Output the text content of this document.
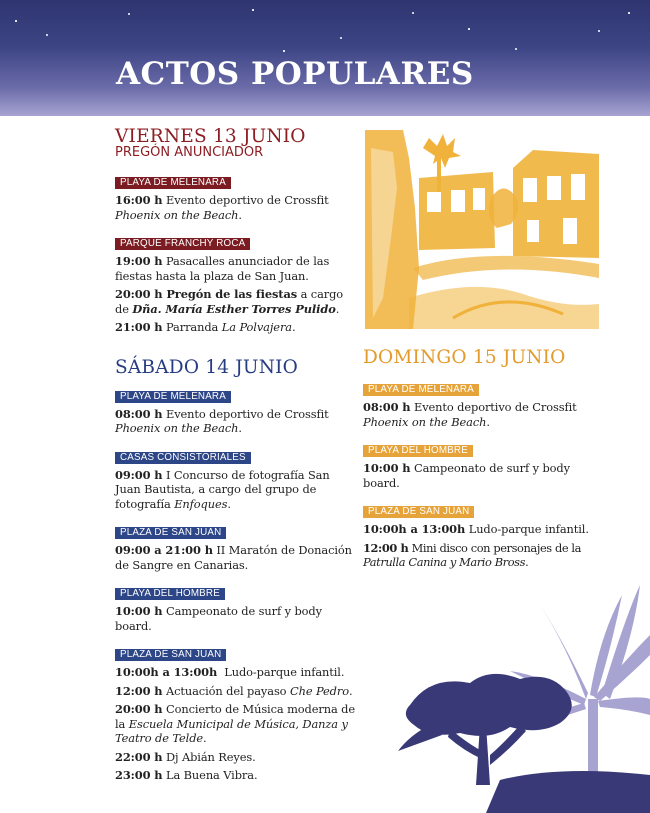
ACTOS POPULARES
VIERNES 13 JUNIO
PREGÓN ANUNCIADOR
PLAYA DE MELENARA
16:00 h Evento deportivo de Crossfit Phoenix on the Beach.
PARQUE FRANCHY ROCA
19:00 h Pasacalles anunciador de las fiestas hasta la plaza de San Juan.
20:00 h Pregón de las fiestas a cargo de Dña. María Esther Torres Pulido.
21:00 h Parranda La Polvajera.
SÁBADO 14 JUNIO
PLAYA DE MELENARA
08:00 h Evento deportivo de Crossfit Phoenix on the Beach.
CASAS CONSISTORIALES
09:00 h I Concurso de fotografía San Juan Bautista, a cargo del grupo de fotografía Enfoques.
PLAZA DE SAN JUAN
09:00 a 21:00 h II Maratón de Donación de Sangre en Canarias.
PLAYA DEL HOMBRE
10:00 h Campeonato de surf y body board.
PLAZA DE SAN JUAN
10:00h a 13:00h  Ludo-parque infantil.
12:00 h Actuación del payaso Che Pedro.
20:00 h Concierto de Música moderna de la Escuela Municipal de Música, Danza y Teatro de Telde.
22:00 h Dj Abián Reyes.
23:00 h La Buena Vibra.
DOMINGO 15 JUNIO
PLAYA DE MELENARA
08:00 h Evento deportivo de Crossfit Phoenix on the Beach.
PLAYA DEL HOMBRE
10:00 h Campeonato de surf y body board.
PLAZA DE SAN JUAN
10:00h a 13:00h Ludo-parque infantil.
12:00 h Mini disco con personajes de la Patrulla Canina y Mario Bross.
